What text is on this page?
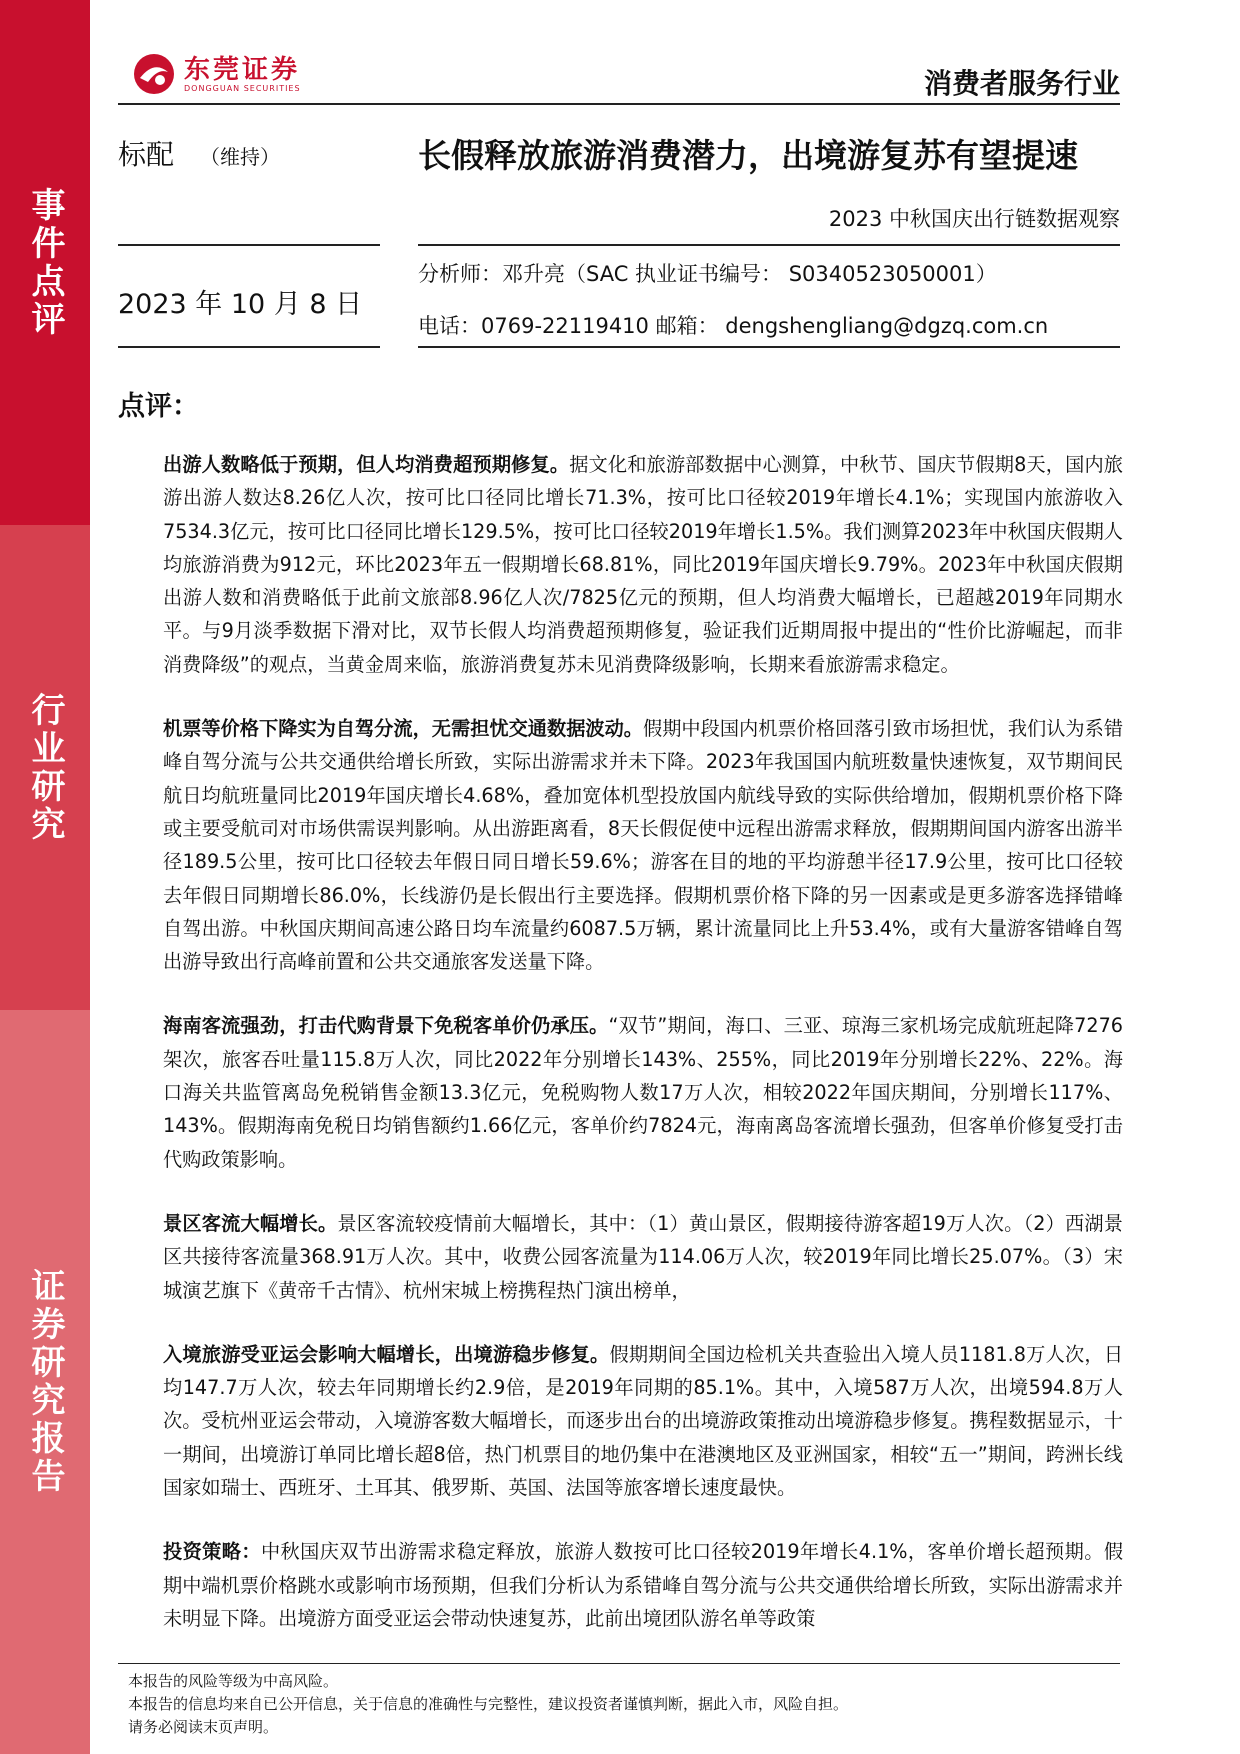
事件点评
行业研究
证券研究报告
东莞证券
DONGGUAN SECURITIES	消费者服务行业
标配 （维持）	长假释放旅游消费潜力，出境游复苏有望提速
2023 中秋国庆出行链数据观察
2023 年 10 月 8 日
分析师：邓升亮（SAC 执业证书编号： S0340523050001）
电话：0769-22119410 邮箱： dengshengliang@dgzq.com.cn
点评：

出游人数略低于预期，但人均消费超预期修复。据文化和旅游部数据中心测算，中秋节、国庆节假期8天，国内旅游出游人数达8.26亿人次，按可比口径同比增长71.3%，按可比口径较2019年增长4.1%；实现国内旅游收入7534.3亿元，按可比口径同比增长129.5%，按可比口径较2019年增长1.5%。我们测算2023年中秋国庆假期人均旅游消费为912元，环比2023年五一假期增长68.81%，同比2019年国庆增长9.79%。2023年中秋国庆假期出游人数和消费略低于此前文旅部8.96亿人次/7825亿元的预期，但人均消费大幅增长，已超越2019年同期水平。与9月淡季数据下滑对比，双节长假人均消费超预期修复，验证我们近期周报中提出的“性价比游崛起，而非消费降级”的观点，当黄金周来临，旅游消费复苏未见消费降级影响，长期来看旅游需求稳定。

机票等价格下降实为自驾分流，无需担忧交通数据波动。假期中段国内机票价格回落引致市场担忧，我们认为系错峰自驾分流与公共交通供给增长所致，实际出游需求并未下降。2023年我国国内航班数量快速恢复，双节期间民航日均航班量同比2019年国庆增长4.68%，叠加宽体机型投放国内航线导致的实际供给增加，假期机票价格下降或主要受航司对市场供需误判影响。从出游距离看，8天长假促使中远程出游需求释放，假期期间国内游客出游半径189.5公里，按可比口径较去年假日同日增长59.6%；游客在目的地的平均游憩半径17.9公里，按可比口径较去年假日同期增长86.0%，长线游仍是长假出行主要选择。假期机票价格下降的另一因素或是更多游客选择错峰自驾出游。中秋国庆期间高速公路日均车流量约6087.5万辆，累计流量同比上升53.4%，或有大量游客错峰自驾出游导致出行高峰前置和公共交通旅客发送量下降。

海南客流强劲，打击代购背景下免税客单价仍承压。“双节”期间，海口、三亚、琼海三家机场完成航班起降7276架次，旅客吞吐量115.8万人次，同比2022年分别增长143%、255%，同比2019年分别增长22%、22%。海口海关共监管离岛免税销售金额13.3亿元，免税购物人数17万人次，相较2022年国庆期间，分别增长117%、143%。假期海南免税日均销售额约1.66亿元，客单价约7824元，海南离岛客流增长强劲，但客单价修复受打击代购政策影响。

景区客流大幅增长。景区客流较疫情前大幅增长，其中：（1）黄山景区，假期接待游客超19万人次。（2）西湖景区共接待客流量368.91万人次。其中，收费公园客流量为114.06万人次，较2019年同比增长25.07%。（3）宋城演艺旗下《黄帝千古情》、杭州宋城上榜携程热门演出榜单，

入境旅游受亚运会影响大幅增长，出境游稳步修复。假期期间全国边检机关共查验出入境人员1181.8万人次，日均147.7万人次，较去年同期增长约2.9倍，是2019年同期的85.1%。其中，入境587万人次，出境594.8万人次。受杭州亚运会带动，入境游客数大幅增长，而逐步出台的出境游政策推动出境游稳步修复。携程数据显示，十一期间，出境游订单同比增长超8倍，热门机票目的地仍集中在港澳地区及亚洲国家，相较“五一”期间，跨洲长线国家如瑞士、西班牙、土耳其、俄罗斯、英国、法国等旅客增长速度最快。

投资策略：中秋国庆双节出游需求稳定释放，旅游人数按可比口径较2019年增长4.1%，客单价增长超预期。假期中端机票价格跳水或影响市场预期，但我们分析认为系错峰自驾分流与公共交通供给增长所致，实际出游需求并未明显下降。出境游方面受亚运会带动快速复苏，此前出境团队游名单等政策

本报告的风险等级为中高风险。
本报告的信息均来自已公开信息，关于信息的准确性与完整性，建议投资者谨慎判断，据此入市，风险自担。
请务必阅读末页声明。
